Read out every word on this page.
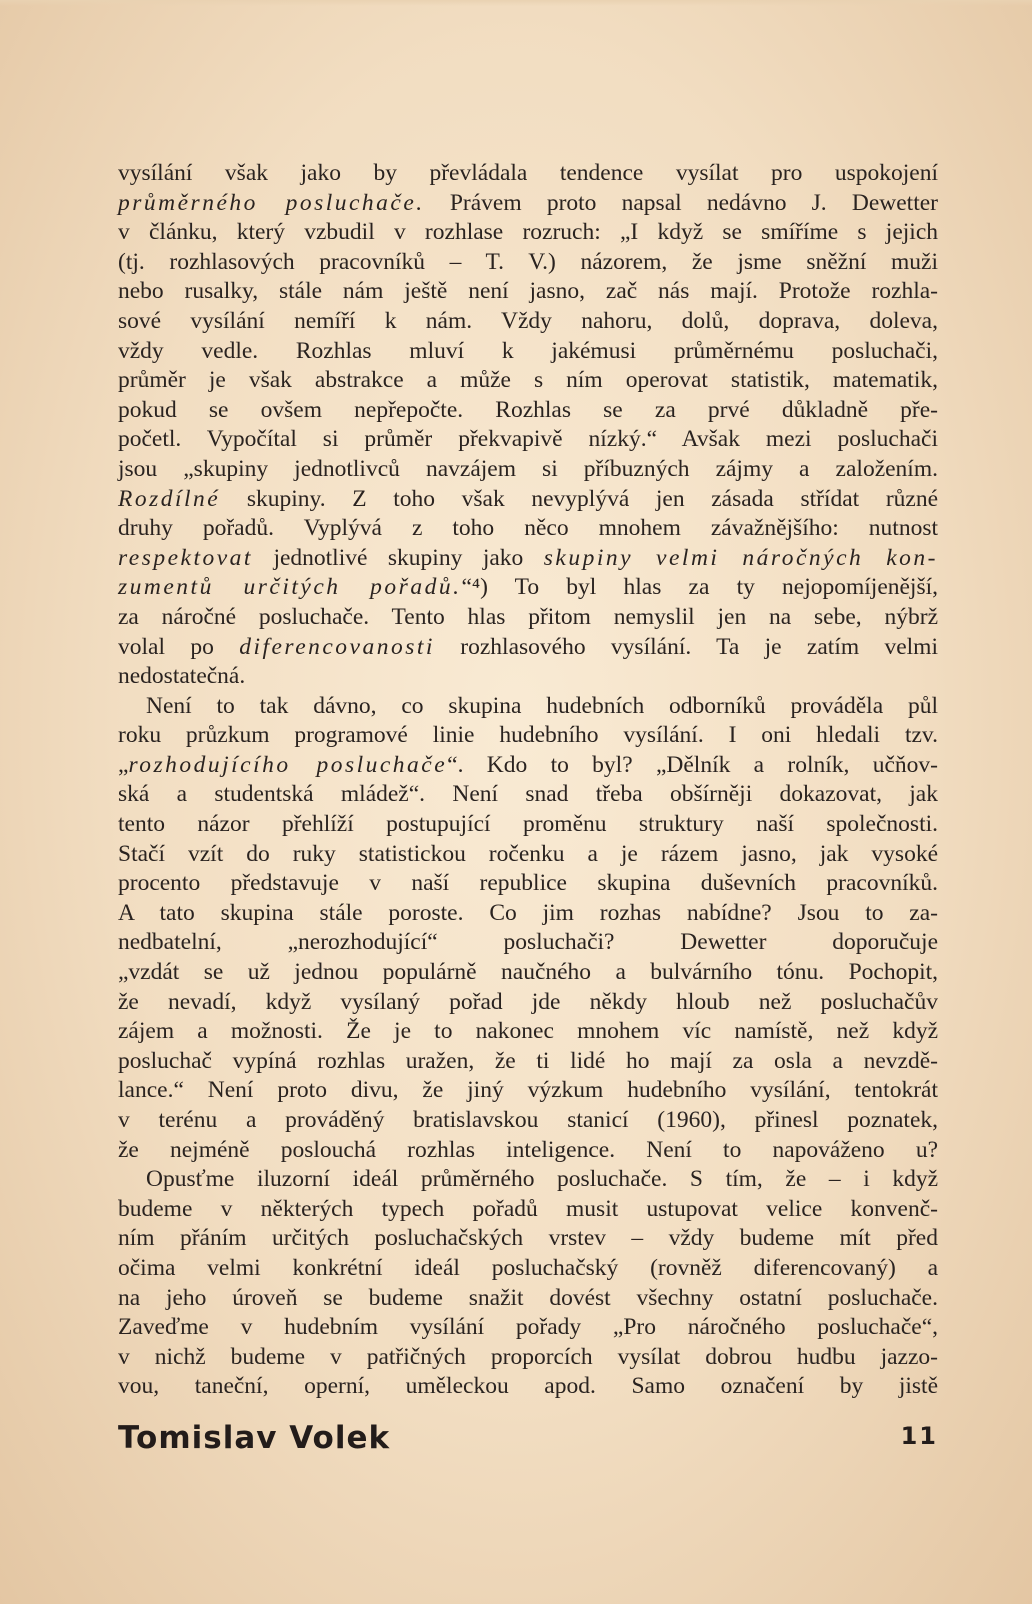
vysílání však jako by převládala tendence vysílat pro uspokojení
průměrného posluchače. Právem proto napsal nedávno J. Dewetter
v článku, který vzbudil v rozhlase rozruch: „I když se smíříme s jejich
(tj. rozhlasových pracovníků – T. V.) názorem, že jsme sněžní muži
nebo rusalky, stále nám ještě není jasno, zač nás mají. Protože rozhla-
sové vysílání nemíří k nám. Vždy nahoru, dolů, doprava, doleva,
vždy vedle. Rozhlas mluví k jakémusi průměrnému posluchači,
průměr je však abstrakce a může s ním operovat statistik, matematik,
pokud se ovšem nepřepočte. Rozhlas se za prvé důkladně pře-
početl. Vypočítal si průměr překvapivě nízký.“ Avšak mezi posluchači
jsou „skupiny jednotlivců navzájem si příbuzných zájmy a založením.
Rozdílné skupiny. Z toho však nevyplývá jen zásada střídat různé
druhy pořadů. Vyplývá z toho něco mnohem závažnějšího: nutnost
respektovat jednotlivé skupiny jako skupiny velmi náročných kon-
zumentů určitých pořadů.“⁴) To byl hlas za ty nejopomíjenější,
za náročné posluchače. Tento hlas přitom nemyslil jen na sebe, nýbrž
volal po diferencovanosti rozhlasového vysílání. Ta je zatím velmi
nedostatečná.
Není to tak dávno, co skupina hudebních odborníků prováděla půl
roku průzkum programové linie hudebního vysílání. I oni hledali tzv.
„rozhodujícího posluchače“. Kdo to byl? „Dělník a rolník, učňov-
ská a studentská mládež“. Není snad třeba obšírněji dokazovat, jak
tento názor přehlíží postupující proměnu struktury naší společnosti.
Stačí vzít do ruky statistickou ročenku a je rázem jasno, jak vysoké
procento představuje v naší republice skupina duševních pracovníků.
A tato skupina stále poroste. Co jim rozhas nabídne? Jsou to za-
nedbatelní, „nerozhodující“ posluchači? Dewetter doporučuje
„vzdát se už jednou populárně naučného a bulvárního tónu. Pochopit,
že nevadí, když vysílaný pořad jde někdy hloub než posluchačův
zájem a možnosti. Že je to nakonec mnohem víc namístě, než když
posluchač vypíná rozhlas uražen, že ti lidé ho mají za osla a nevzdě-
lance.“ Není proto divu, že jiný výzkum hudebního vysílání, tentokrát
v terénu a prováděný bratislavskou stanicí (1960), přinesl poznatek,
že nejméně poslouchá rozhlas inteligence. Není to napováženo u?
Opusťme iluzorní ideál průměrného posluchače. S tím, že – i když
budeme v některých typech pořadů musit ustupovat velice konvenč-
ním přáním určitých posluchačských vrstev – vždy budeme mít před
očima velmi konkrétní ideál posluchačský (rovněž diferencovaný) a
na jeho úroveň se budeme snažit dovést všechny ostatní posluchače.
Zaveďme v hudebním vysílání pořady „Pro náročného posluchače“,
v nichž budeme v patřičných proporcích vysílat dobrou hudbu jazzo-
vou, taneční, operní, uměleckou apod. Samo označení by jistě
Tomislav Volek	11
